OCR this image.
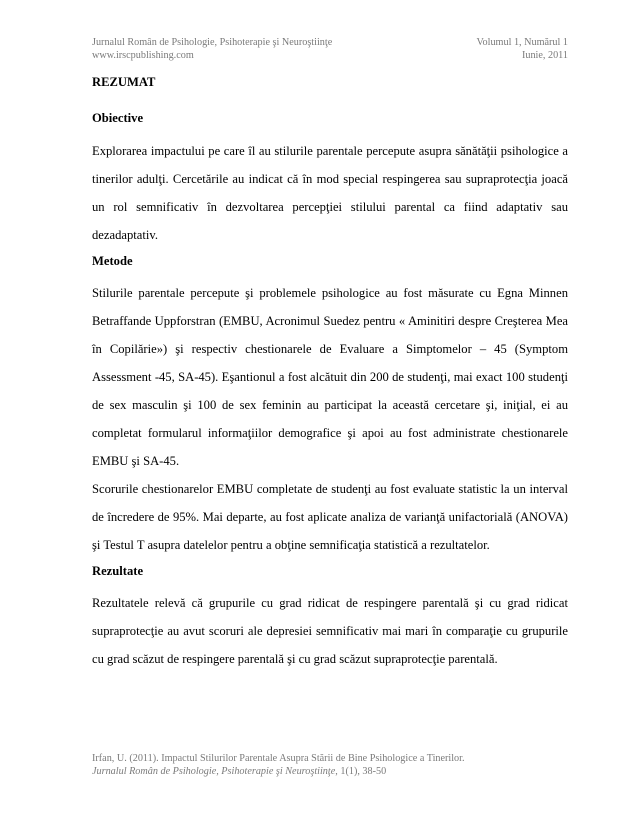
Jurnalul Român de Psihologie, Psihoterapie şi Neuroştiinţe	Volumul 1, Numărul 1
www.irscpublishing.com	Iunie, 2011

REZUMAT

Obiective

Explorarea impactului pe care îl au stilurile parentale percepute asupra sănătăţii psihologice a
tinerilor adulţi. Cercetările au indicat că în mod special respingerea sau supraprotecţia joacă
un rol semnificativ în dezvoltarea percepţiei stilului parental ca fiind adaptativ sau
dezadaptativ.

Metode

Stilurile parentale percepute şi problemele psihologice au fost măsurate cu Egna Minnen
Betraffande Uppforstran (EMBU, Acronimul Suedez pentru « Aminitiri despre Creşterea Mea
în Copilărie») şi respectiv chestionarele de Evaluare a Simptomelor – 45 (Symptom
Assessment -45, SA-45). Eşantionul a fost alcătuit din 200 de studenţi, mai exact 100 studenţi
de sex masculin şi 100 de sex feminin au participat la această cercetare şi, iniţial, ei au
completat formularul informaţiilor demografice şi apoi au fost administrate chestionarele
EMBU şi SA-45.

Scorurile chestionarelor EMBU completate de studenţi au fost evaluate statistic la un interval
de încredere de 95%. Mai departe, au fost aplicate analiza de varianţă unifactorială (ANOVA)
şi Testul T asupra datelelor pentru a obţine semnificaţia statistică a rezultatelor.

Rezultate

Rezultatele relevă că grupurile cu grad ridicat de respingere parentală şi cu grad ridicat
supraprotecţie au avut scoruri ale depresiei semnificativ mai mari în comparaţie cu grupurile
cu grad scăzut de respingere parentală şi cu grad scăzut supraprotecţie parentală.

Irfan, U. (2011). Impactul Stilurilor Parentale Asupra Stării de Bine Psihologice a Tinerilor.
Jurnalul Român de Psihologie, Psihoterapie şi Neuroştiinţe, 1(1), 38-50
